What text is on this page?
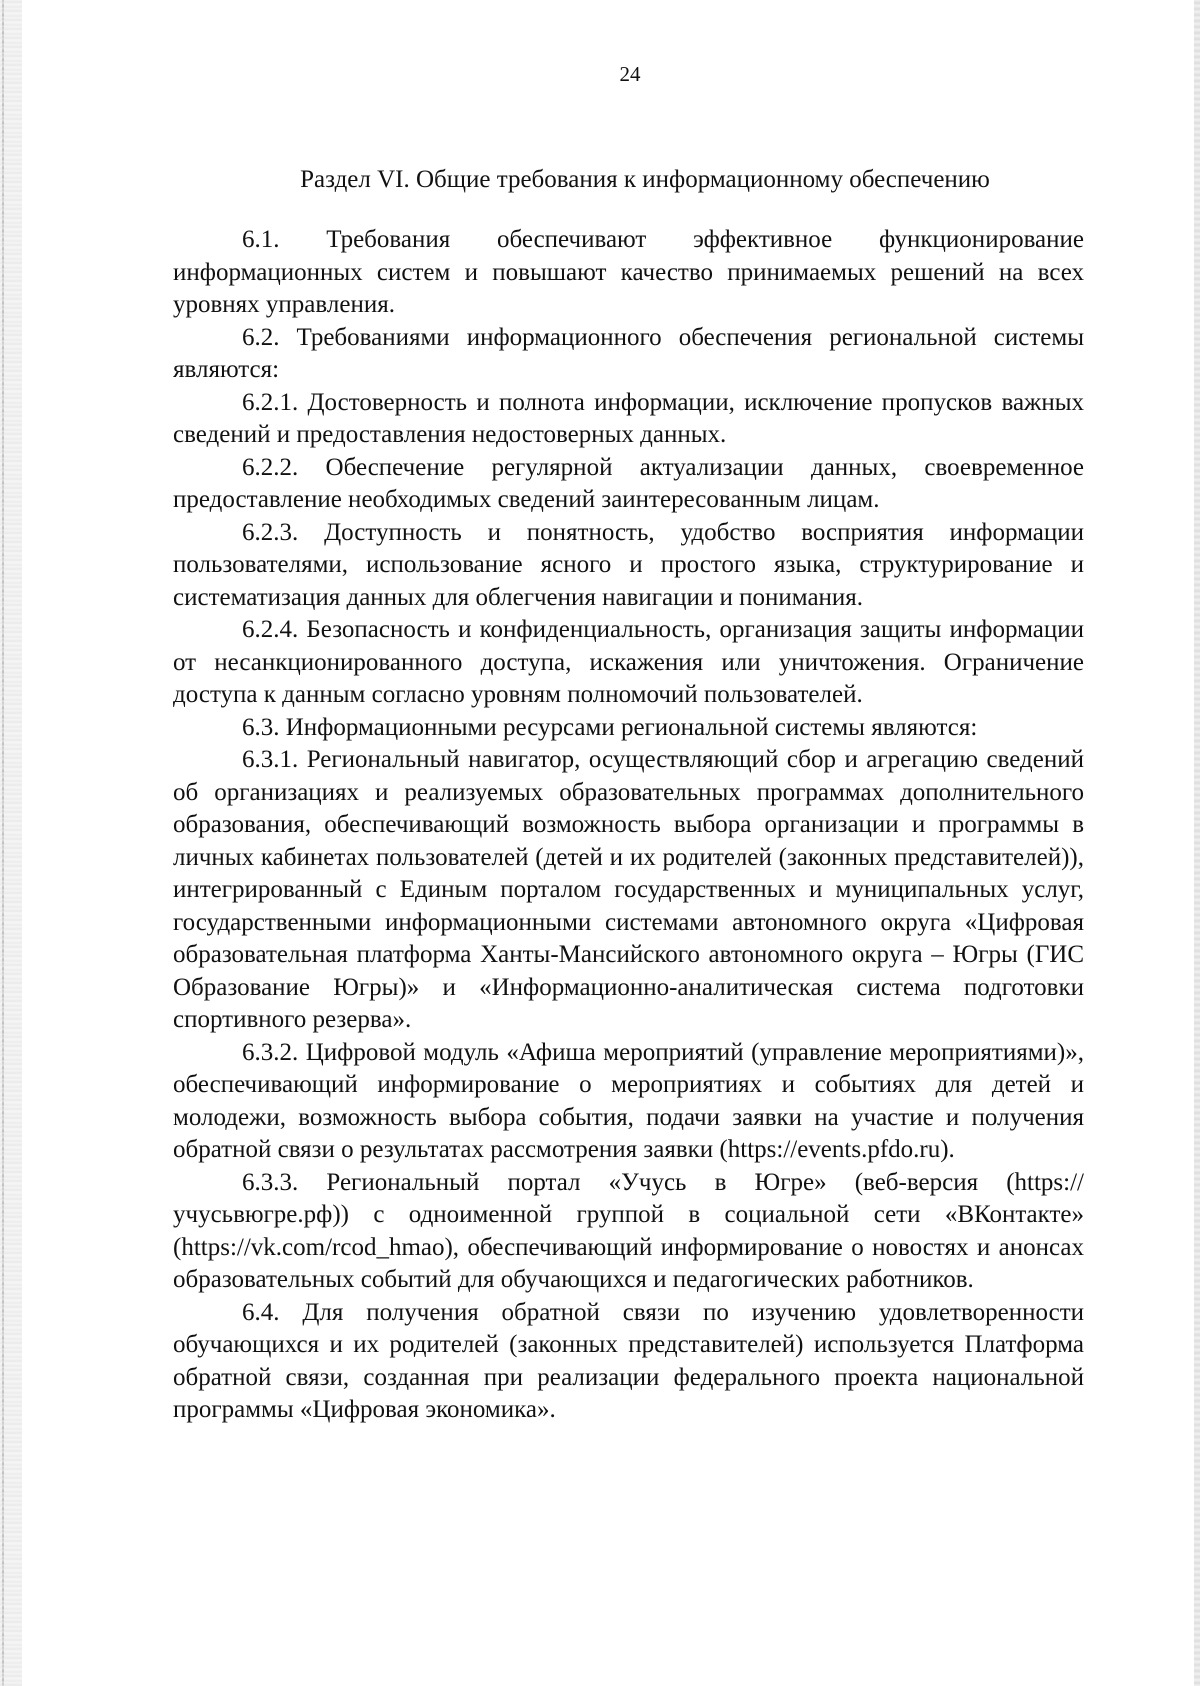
24
Раздел VI. Общие требования к информационному обеспечению

6.1. Требования обеспечивают эффективное функционирование информационных систем и повышают качество принимаемых решений на всех уровнях управления.

6.2. Требованиями информационного обеспечения региональной системы являются:

6.2.1. Достоверность и полнота информации, исключение пропусков важных сведений и предоставления недостоверных данных.

6.2.2. Обеспечение регулярной актуализации данных, своевременное предоставление необходимых сведений заинтересованным лицам.

6.2.3. Доступность и понятность, удобство восприятия информации пользователями, использование ясного и простого языка, структурирование и систематизация данных для облегчения навигации и понимания.

6.2.4. Безопасность и конфиденциальность, организация защиты информации от несанкционированного доступа, искажения или уничтожения. Ограничение доступа к данным согласно уровням полномочий пользователей.

6.3. Информационными ресурсами региональной системы являются:

6.3.1. Региональный навигатор, осуществляющий сбор и агрегацию сведений об организациях и реализуемых образовательных программах дополнительного образования, обеспечивающий возможность выбора организации и программы в личных кабинетах пользователей (детей и их родителей (законных представителей)), интегрированный с Единым порталом государственных и муниципальных услуг, государственными информационными системами автономного округа «Цифровая образовательная платформа Ханты-Мансийского автономного округа – Югры (ГИС Образование Югры)» и «Информационно-аналитическая система подготовки спортивного резерва».

6.3.2. Цифровой модуль «Афиша мероприятий (управление мероприятиями)», обеспечивающий информирование о мероприятиях и событиях для детей и молодежи, возможность выбора события, подачи заявки на участие и получения обратной связи о результатах рассмотрения заявки (https://events.pfdo.ru).

6.3.3. Региональный портал «Учусь в Югре» (веб-версия (https://учусьвюгре.рф)) с одноименной группой в социальной сети «ВКонтакте» (https://vk.com/rcod_hmao), обеспечивающий информирование о новостях и анонсах образовательных событий для обучающихся и педагогических работников.

6.4. Для получения обратной связи по изучению удовлетворенности обучающихся и их родителей (законных представителей) используется Платформа обратной связи, созданная при реализации федерального проекта национальной программы «Цифровая экономика».
